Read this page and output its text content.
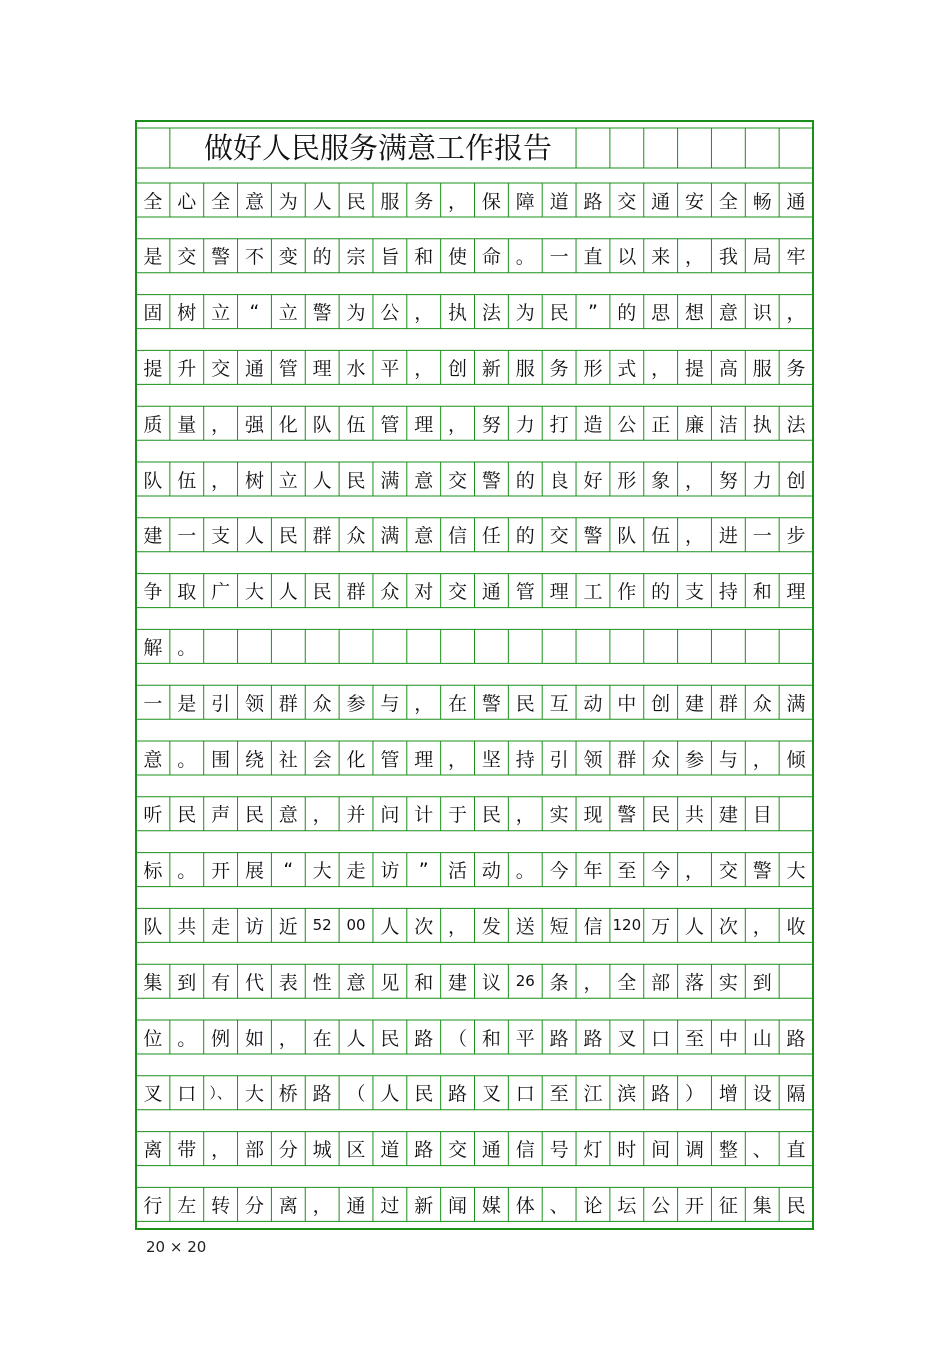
做好人民服务满意工作报告
全 心 全 意 为 人 民 服 务 ， 保 障 道 路 交 通 安 全 畅 通
是 交 警 不 变 的 宗 旨 和 使 命 。 一 直 以 来 ， 我 局 牢
固 树 立	“	立 警 为 公 ， 执 法 为 民	”	的 思 想 意 识 ，
提 升 交 通 管 理 水 平 ， 创 新 服 务 形 式 ， 提 高 服 务
质 量 ， 强 化 队 伍 管 理 ， 努 力 打 造 公 正 廉 洁 执 法
队 伍 ， 树 立 人 民 满 意 交 警 的 良 好 形 象 ， 努 力 创
建 一 支 人 民 群 众 满 意 信 任 的 交 警 队 伍 ， 进 一 步
争 取 广 大 人 民 群 众 对 交 通 管 理 工 作 的 支 持 和 理
解 。
一 是 引 领 群 众 参 与 ， 在 警 民 互 动 中 创 建 群 众 满
意 。 围 绕 社 会 化 管 理 ， 坚 持 引 领 群 众 参 与 ， 倾
听 民 声 民 意 ， 并 问 计 于 民 ， 实 现 警 民 共 建 目
标 。 开 展	“	大 走 访	”	活 动 。 今 年 至 今 ， 交 警 大
队 共 走 访 近 52 00 人 次 ， 发 送 短 信 120 万 人 次 ， 收
集 到 有 代 表 性 意 见 和 建 议 26 条 ， 全 部 落 实 到
位 。 例 如 ， 在 人 民 路 （ 和 平 路 路 叉 口 至 中 山 路
叉 口 ）、 大 桥 路 （ 人 民 路 叉 口 至 江 滨 路 ） 增 设 隔
离 带 ， 部 分 城 区 道 路 交 通 信 号 灯 时 间 调 整 、 直
行 左 转 分 离 ， 通 过 新 闻 媒 体 、 论 坛 公 开 征 集 民
20 × 20
